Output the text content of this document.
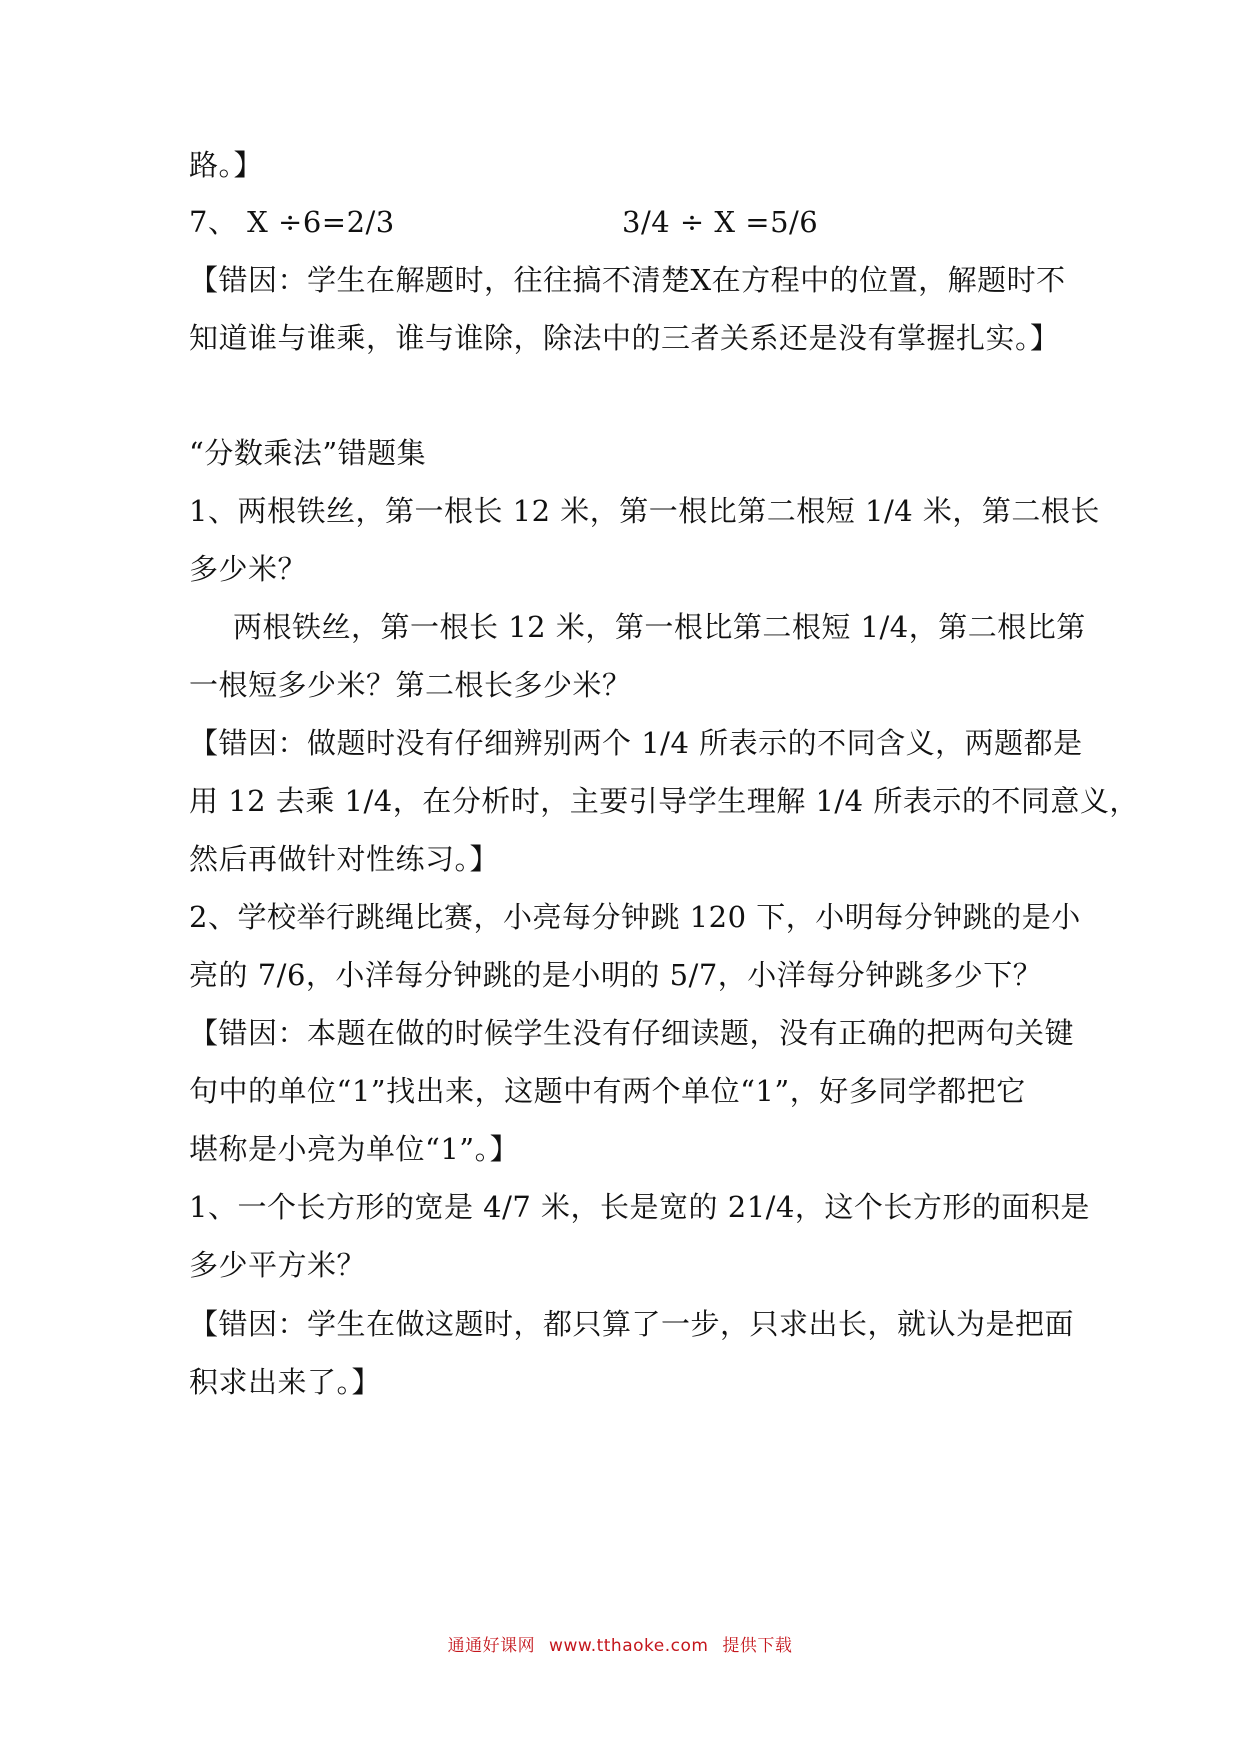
路。】
7、 X ÷6=2/3	3/4 ÷ X =5/6
【错因：学生在解题时，往往搞不清楚X在方程中的位置，解题时不
知道谁与谁乘，谁与谁除，除法中的三者关系还是没有掌握扎实。】
“分数乘法”错题集
1、两根铁丝，第一根长 12 米，第一根比第二根短 1/4 米，第二根长
多少米？
两根铁丝，第一根长 12 米，第一根比第二根短 1/4，第二根比第
一根短多少米？第二根长多少米？
【错因：做题时没有仔细辨别两个 1/4 所表示的不同含义，两题都是
用 12 去乘 1/4，在分析时，主要引导学生理解 1/4 所表示的不同意义，
然后再做针对性练习。】
2、学校举行跳绳比赛，小亮每分钟跳 120 下，小明每分钟跳的是小
亮的 7/6，小洋每分钟跳的是小明的 5/7，小洋每分钟跳多少下？
【错因：本题在做的时候学生没有仔细读题，没有正确的把两句关键
句中的单位“1”找出来，这题中有两个单位“1”，好多同学都把它
堪称是小亮为单位“1”。】
1、一个长方形的宽是 4/7 米，长是宽的 21/4，这个长方形的面积是
多少平方米？
【错因：学生在做这题时，都只算了一步，只求出长，就认为是把面
积求出来了。】
通通好课网 www.tthaoke.com 提供下载
